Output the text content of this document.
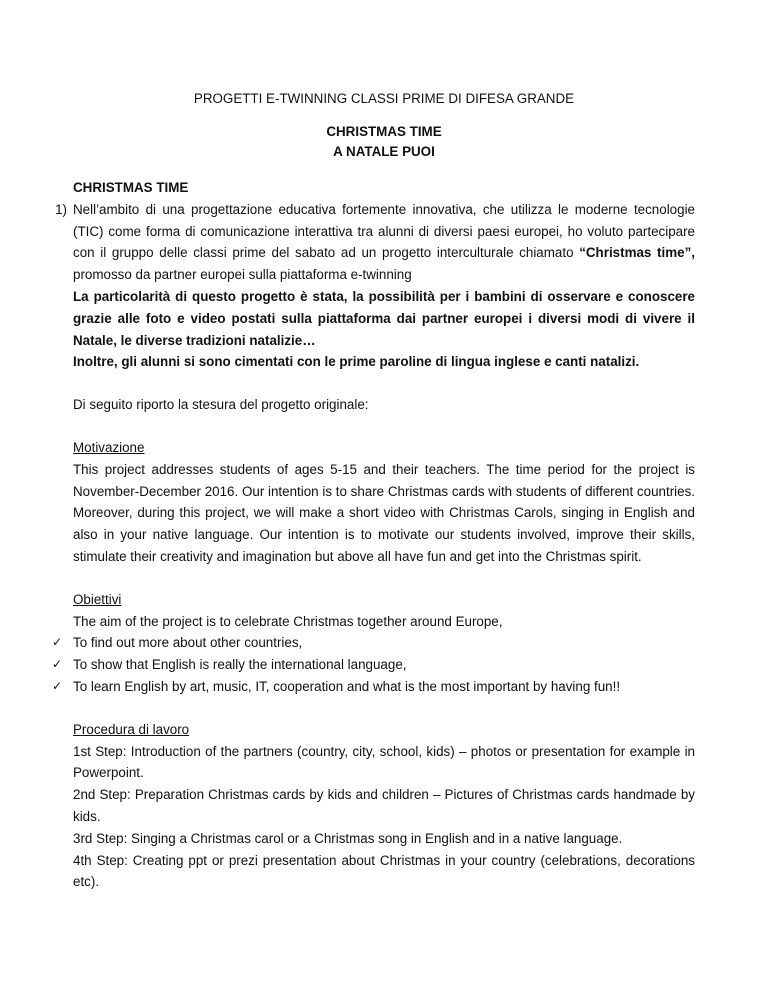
PROGETTI E-TWINNING CLASSI PRIME DI DIFESA GRANDE
CHRISTMAS TIME
A NATALE PUOI

CHRISTMAS TIME

1) Nell’ambito di una progettazione educativa fortemente innovativa, che utilizza le moderne tecnologie (TIC) come forma di comunicazione interattiva tra alunni di diversi paesi europei, ho voluto partecipare con il gruppo delle classi prime del sabato ad un progetto interculturale chiamato “Christmas time”, promosso da partner europei sulla piattaforma e-twinning

La particolarità di questo progetto è stata, la possibilità per i bambini di osservare e conoscere grazie alle foto e video postati sulla piattaforma dai partner europei i diversi modi di vivere il Natale, le diverse tradizioni natalizie…

Inoltre, gli alunni si sono cimentati con le prime paroline di lingua inglese e canti natalizi.

Di seguito riporto la stesura del progetto originale:

Motivazione

This project addresses students of ages 5-15 and their teachers. The time period for the project is November-December 2016. Our intention is to share Christmas cards with students of different countries. Moreover, during this project, we will make a short video with Christmas Carols, singing in English and also in your native language. Our intention is to motivate our students involved, improve their skills, stimulate their creativity and imagination but above all have fun and get into the Christmas spirit.

Obiettivi

The aim of the project is to celebrate Christmas together around Europe,

✓ To find out more about other countries,
✓ To show that English is really the international language,
✓ To learn English by art, music, IT, cooperation and what is the most important by having fun!!

Procedura di lavoro

1st Step: Introduction of the partners (country, city, school, kids) – photos or presentation for example in Powerpoint.

2nd Step: Preparation Christmas cards by kids and children – Pictures of Christmas cards handmade by kids.

3rd Step: Singing a Christmas carol or a Christmas song in English and in a native language.

4th Step: Creating ppt or prezi presentation about Christmas in your country (celebrations, decorations etc).
